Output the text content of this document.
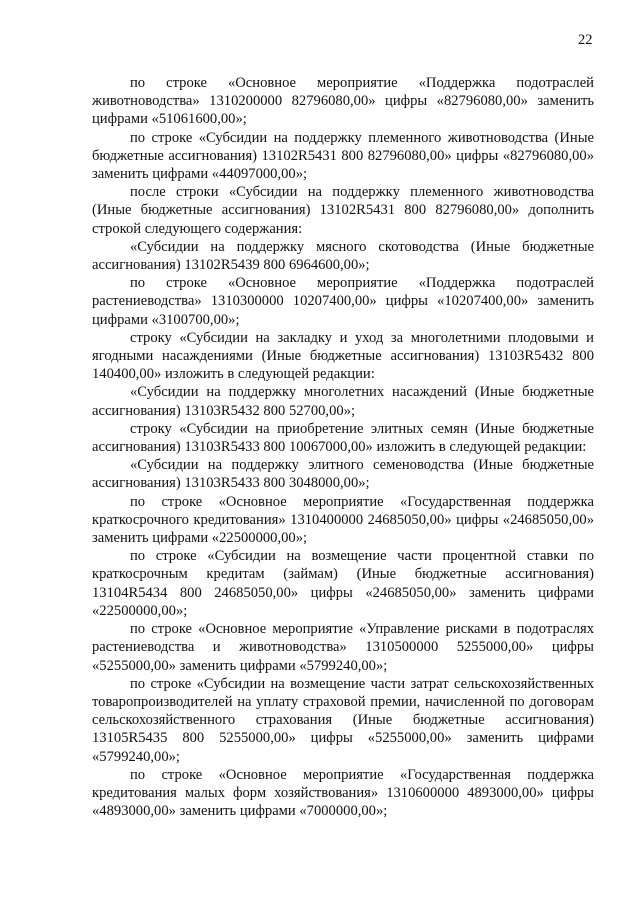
22

по строке «Основное мероприятие «Поддержка подотраслей животноводства» 1310200000 82796080,00» цифры «82796080,00» заменить цифрами «51061600,00»;

по строке «Субсидии на поддержку племенного животноводства (Иные бюджетные ассигнования) 13102R5431 800 82796080,00» цифры «82796080,00» заменить цифрами «44097000,00»;

после строки «Субсидии на поддержку племенного животноводства (Иные бюджетные ассигнования) 13102R5431 800 82796080,00» дополнить строкой следующего содержания:

«Субсидии на поддержку мясного скотоводства (Иные бюджетные ассигнования) 13102R5439 800 6964600,00»;

по строке «Основное мероприятие «Поддержка подотраслей растениеводства» 1310300000 10207400,00» цифры «10207400,00» заменить цифрами «3100700,00»;

строку «Субсидии на закладку и уход за многолетними плодовыми и ягодными насаждениями (Иные бюджетные ассигнования) 13103R5432 800 140400,00» изложить в следующей редакции:

«Субсидии на поддержку многолетних насаждений (Иные бюджетные ассигнования) 13103R5432 800 52700,00»;

строку «Субсидии на приобретение элитных семян (Иные бюджетные ассигнования) 13103R5433 800 10067000,00» изложить в следующей редакции:

«Субсидии на поддержку элитного семеноводства (Иные бюджетные ассигнования) 13103R5433 800 3048000,00»;

по строке «Основное мероприятие «Государственная поддержка краткосрочного кредитования» 1310400000 24685050,00» цифры «24685050,00» заменить цифрами «22500000,00»;

по строке «Субсидии на возмещение части процентной ставки по краткосрочным кредитам (займам) (Иные бюджетные ассигнования) 13104R5434 800 24685050,00» цифры «24685050,00» заменить цифрами «22500000,00»;

по строке «Основное мероприятие «Управление рисками в подотраслях растениеводства и животноводства» 1310500000 5255000,00» цифры «5255000,00» заменить цифрами «5799240,00»;

по строке «Субсидии на возмещение части затрат сельскохозяйственных товаропроизводителей на уплату страховой премии, начисленной по договорам сельскохозяйственного страхования (Иные бюджетные ассигнования) 13105R5435 800 5255000,00» цифры «5255000,00» заменить цифрами «5799240,00»;

по строке «Основное мероприятие «Государственная поддержка кредитования малых форм хозяйствования» 1310600000 4893000,00» цифры «4893000,00» заменить цифрами «7000000,00»;
